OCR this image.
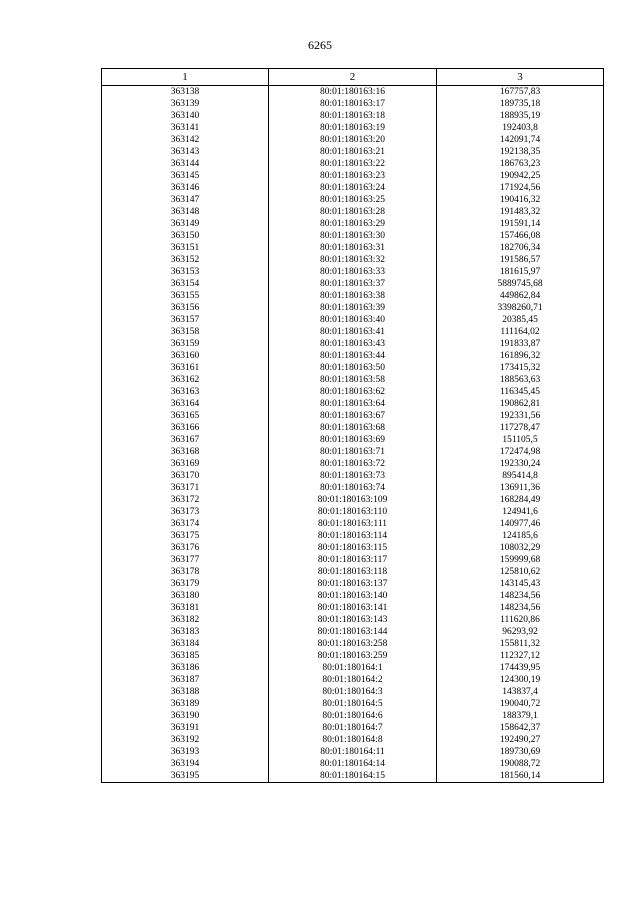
6265
1	2	3
363138	80:01:180163:16	167757,83
363139	80:01:180163:17	189735,18
363140	80:01:180163:18	188935,19
363141	80:01:180163:19	192403,8
363142	80:01:180163:20	142091,74
363143	80:01:180163:21	192138,35
363144	80:01:180163:22	186763,23
363145	80:01:180163:23	190942,25
363146	80:01:180163:24	171924,56
363147	80:01:180163:25	190416,32
363148	80:01:180163:28	191483,32
363149	80:01:180163:29	191591,14
363150	80:01:180163:30	157466,08
363151	80:01:180163:31	182706,34
363152	80:01:180163:32	191586,57
363153	80:01:180163:33	181615,97
363154	80:01:180163:37	5889745,68
363155	80:01:180163:38	449862,84
363156	80:01:180163:39	3398260,71
363157	80:01:180163:40	20385,45
363158	80:01:180163:41	111164,02
363159	80:01:180163:43	191833,87
363160	80:01:180163:44	161896,32
363161	80:01:180163:50	173415,32
363162	80:01:180163:58	188563,63
363163	80:01:180163:62	116345,45
363164	80:01:180163:64	190862,81
363165	80:01:180163:67	192331,56
363166	80:01:180163:68	117278,47
363167	80:01:180163:69	151105,5
363168	80:01:180163:71	172474,98
363169	80:01:180163:72	192330,24
363170	80:01:180163:73	895414,8
363171	80:01:180163:74	136911,36
363172	80:01:180163:109	168284,49
363173	80:01:180163:110	124941,6
363174	80:01:180163:111	140977,46
363175	80:01:180163:114	124185,6
363176	80:01:180163:115	108032,29
363177	80:01:180163:117	159999,68
363178	80:01:180163:118	125810,62
363179	80:01:180163:137	143145,43
363180	80:01:180163:140	148234,56
363181	80:01:180163:141	148234,56
363182	80:01:180163:143	111620,86
363183	80:01:180163:144	96293,92
363184	80:01:180163:258	155811,32
363185	80:01:180163:259	112327,12
363186	80:01:180164:1	174439,95
363187	80:01:180164:2	124300,19
363188	80:01:180164:3	143837,4
363189	80:01:180164:5	190040,72
363190	80:01:180164:6	188379,1
363191	80:01:180164:7	158642,37
363192	80:01:180164:8	192490,27
363193	80:01:180164:11	189730,69
363194	80:01:180164:14	190088,72
363195	80:01:180164:15	181560,14
